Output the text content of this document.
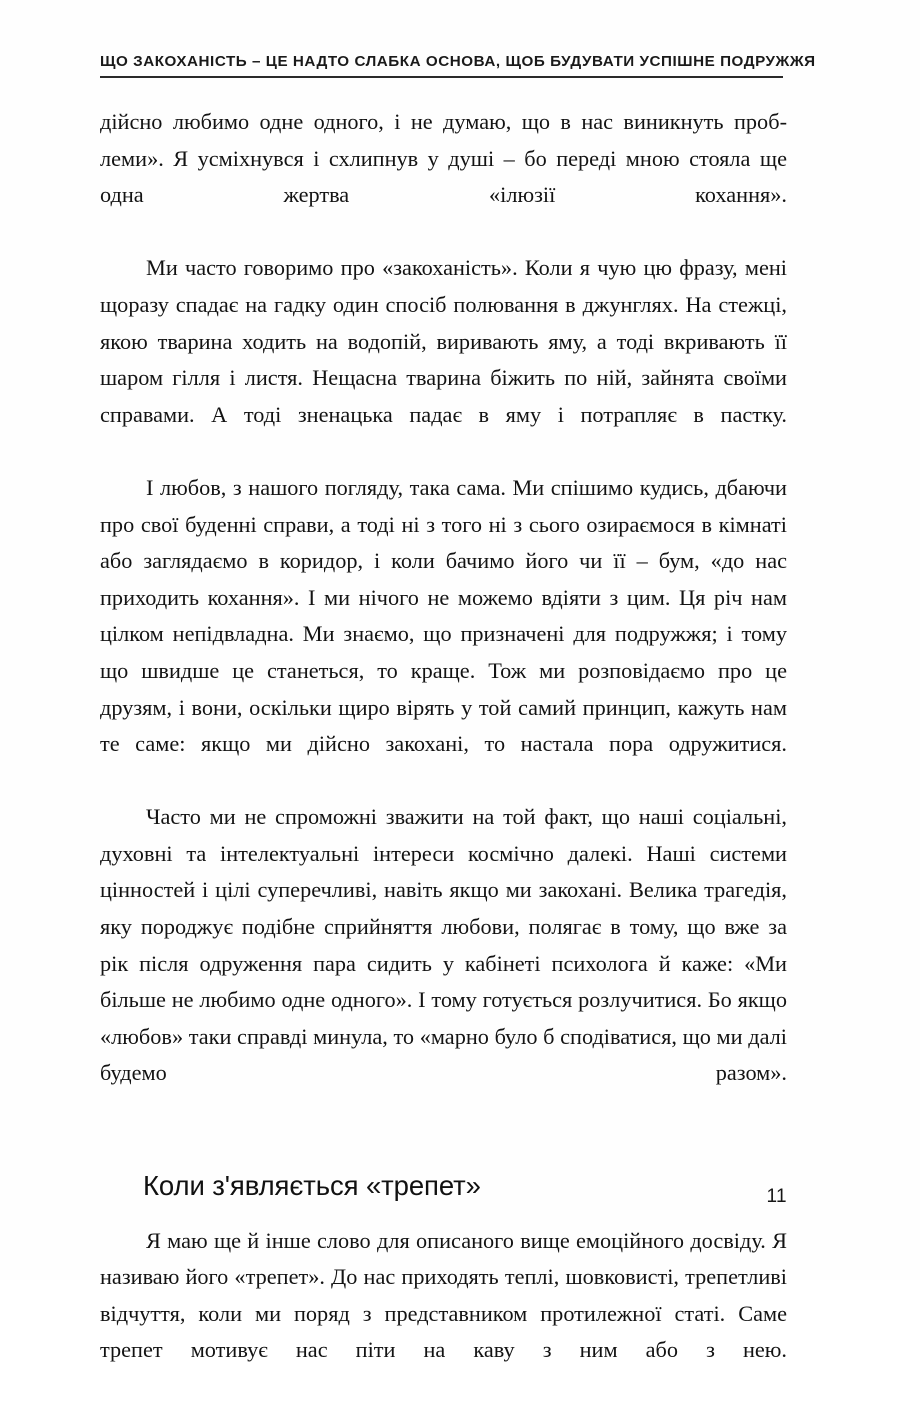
ЩО ЗАКОХАНІСТЬ – ЦЕ НАДТО СЛАБКА ОСНОВА, ЩОБ БУДУВАТИ УСПІШНЕ ПОДРУЖЖЯ

дійсно любимо одне одного, і не думаю, що в нас виникнуть проблеми». Я усміхнувся і схлипнув у душі – бо переді мною стояла ще одна жертва «ілюзії кохання».

Ми часто говоримо про «закоханість». Коли я чую цю фразу, мені щоразу спадає на гадку один спосіб полювання в джунглях. На стежці, якою тварина ходить на водопій, виривають яму, а тоді вкривають її шаром гілля і листя. Нещасна тварина біжить по ній, зайнята своїми справами. А тоді зненацька падає в яму і потрапляє в пастку.

І любов, з нашого погляду, така сама. Ми спішимо кудись, дбаючи про свої буденні справи, а тоді ні з того ні з сього озираємося в кімнаті або заглядаємо в коридор, і коли бачимо його чи її – бум, «до нас приходить кохання». І ми нічого не можемо вдіяти з цим. Ця річ нам цілком непідвладна. Ми знаємо, що призначені для подружжя; і тому що швидше це станеться, то краще. Тож ми розповідаємо про це друзям, і вони, оскільки щиро вірять у той самий принцип, кажуть нам те саме: якщо ми дійсно закохані, то настала пора одружитися.

Часто ми не спроможні зважити на той факт, що наші соціальні, духовні та інтелектуальні інтереси космічно далекі. Наші системи цінностей і цілі суперечливі, навіть якщо ми закохані. Велика трагедія, яку породжує подібне сприйняття любови, полягає в тому, що вже за рік після одруження пара сидить у кабінеті психолога й каже: «Ми більше не любимо одне одного». І тому готується розлучитися. Бо якщо «любов» таки справді минула, то «марно було б сподіватися, що ми далі будемо разом».

Коли з'являється «трепет»

Я маю ще й інше слово для описаного вище емоційного досвіду. Я називаю його «трепет». До нас приходять теплі, шовковисті, трепетливі відчуття, коли ми поряд з представником протилежної статі. Саме трепет мотивує нас піти на каву з ним або з нею.

11
